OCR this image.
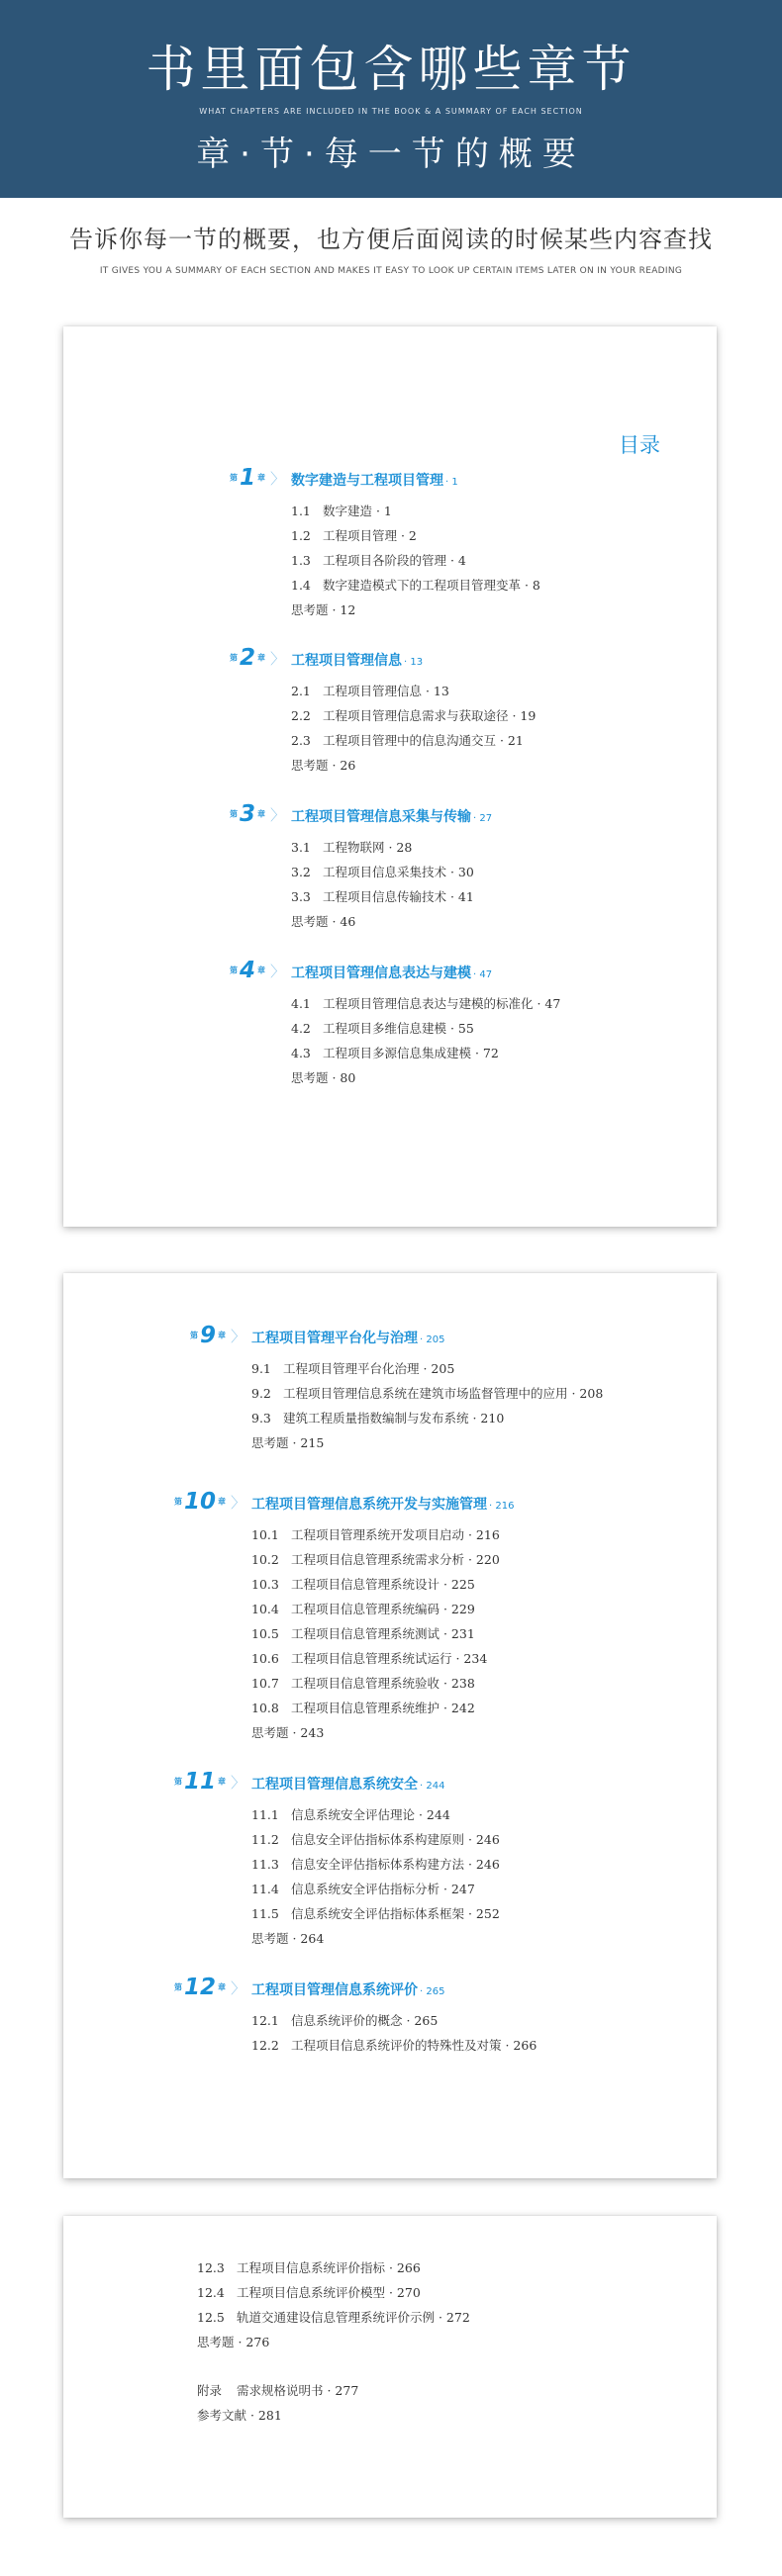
书里面包含哪些章节
WHAT CHAPTERS ARE INCLUDED IN THE BOOK & A SUMMARY OF EACH SECTION
章·节·每一节的概要
告诉你每一节的概要，也方便后面阅读的时候某些内容查找
IT GIVES YOU A SUMMARY OF EACH SECTION AND MAKES IT EASY TO LOOK UP CERTAIN ITEMS LATER ON IN YOUR READING
目录
第1 章 〉 数字建造与工程项目管理 · 1
1.1 数字建造 · 1
1.2 工程项目管理 · 2
1.3 工程项目各阶段的管理 · 4
1.4 数字建造模式下的工程项目管理变革 · 8
思考题 · 12
第2 章 〉 工程项目管理信息 · 13
2.1 工程项目管理信息 · 13
2.2 工程项目管理信息需求与获取途径 · 19
2.3 工程项目管理中的信息沟通交互 · 21
思考题 · 26
第3 章 〉 工程项目管理信息采集与传输 · 27
3.1 工程物联网 · 28
3.2 工程项目信息采集技术 · 30
3.3 工程项目信息传输技术 · 41
思考题 · 46
第4 章 〉 工程项目管理信息表达与建模 · 47
4.1 工程项目管理信息表达与建模的标准化 · 47
4.2 工程项目多维信息建模 · 55
4.3 工程项目多源信息集成建模 · 72
思考题 · 80
第9 章 〉 工程项目管理平台化与治理 · 205
9.1 工程项目管理平台化治理 · 205
9.2 工程项目管理信息系统在建筑市场监督管理中的应用 · 208
9.3 建筑工程质量指数编制与发布系统 · 210
思考题 · 215
第10 章 〉 工程项目管理信息系统开发与实施管理 · 216
10.1 工程项目管理系统开发项目启动 · 216
10.2 工程项目信息管理系统需求分析 · 220
10.3 工程项目信息管理系统设计 · 225
10.4 工程项目信息管理系统编码 · 229
10.5 工程项目信息管理系统测试 · 231
10.6 工程项目信息管理系统试运行 · 234
10.7 工程项目信息管理系统验收 · 238
10.8 工程项目信息管理系统维护 · 242
思考题 · 243
第11 章 〉 工程项目管理信息系统安全 · 244
11.1 信息系统安全评估理论 · 244
11.2 信息安全评估指标体系构建原则 · 246
11.3 信息安全评估指标体系构建方法 · 246
11.4 信息系统安全评估指标分析 · 247
11.5 信息系统安全评估指标体系框架 · 252
思考题 · 264
第12 章 〉 工程项目管理信息系统评价 · 265
12.1 信息系统评价的概念 · 265
12.2 工程项目信息系统评价的特殊性及对策 · 266
12.3 工程项目信息系统评价指标 · 266
12.4 工程项目信息系统评价模型 · 270
12.5 轨道交通建设信息管理系统评价示例 · 272
思考题 · 276
附录 需求规格说明书 · 277
参考文献 · 281
